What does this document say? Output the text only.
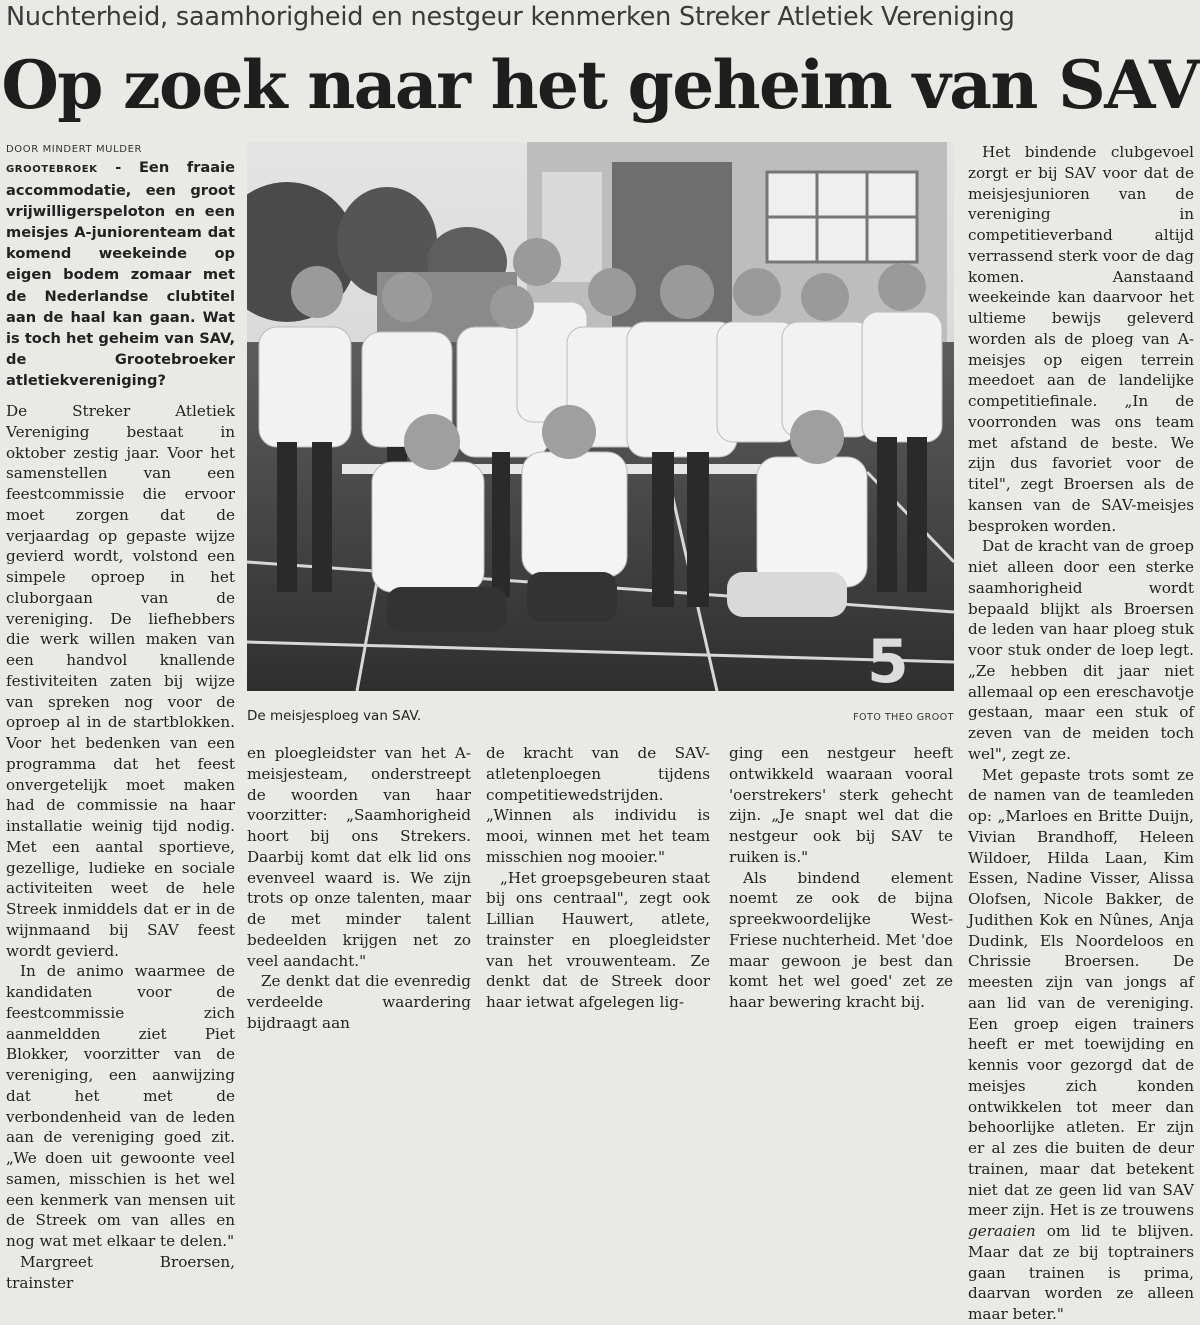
Nuchterheid, saamhorigheid en nestgeur kenmerken Streker Atletiek Vereniging
Op zoek naar het geheim van SAV
DOOR MINDERT MULDER

GROOTEBROEK - Een fraaie accommodatie, een groot vrijwilligerspeloton en een meisjes A-juniorenteam dat komend weekeinde op eigen bodem zomaar met de Nederlandse clubtitel aan de haal kan gaan. Wat is toch het geheim van SAV, de Grootebroeker atletiekvereniging?

De Streker Atletiek Vereniging bestaat in oktober zestig jaar. Voor het samenstellen van een feestcommissie die ervoor moet zorgen dat de verjaardag op gepaste wijze gevierd wordt, volstond een simpele oproep in het cluborgaan van de vereniging. De liefhebbers die werk willen maken van een handvol knallende festiviteiten zaten bij wijze van spreken nog voor de oproep al in de startblokken. Voor het bedenken van een programma dat het feest onvergetelijk moet maken had de commissie na haar installatie weinig tijd nodig. Met een aantal sportieve, gezellige, ludieke en sociale activiteiten weet de hele Streek inmiddels dat er in de wijnmaand bij SAV feest wordt gevierd.

In de animo waarmee de kandidaten voor de feestcommissie zich aanmeldden ziet Piet Blokker, voorzitter van de vereniging, een aanwijzing dat het met de verbondenheid van de leden aan de vereniging goed zit. „We doen uit gewoonte veel samen, misschien is het wel een kenmerk van mensen uit de Streek om van alles en nog wat met elkaar te delen."

Margreet Broersen, trainster

5
De meisjesploeg van SAV.	FOTO THEO GROOT

en ploegleidster van het A-meisjesteam, onderstreept de woorden van haar voorzitter: „Saamhorigheid hoort bij ons Strekers. Daarbij komt dat elk lid ons evenveel waard is. We zijn trots op onze talenten, maar de met minder talent bedeelden krijgen net zo veel aandacht."

Ze denkt dat die evenredig verdeelde waardering bijdraagt aan

de kracht van de SAV-atletenploegen tijdens competitiewedstrijden. „Winnen als individu is mooi, winnen met het team misschien nog mooier."

„Het groepsgebeuren staat bij ons centraal", zegt ook Lillian Hauwert, atlete, trainster en ploegleidster van het vrouwenteam. Ze denkt dat de Streek door haar ietwat afgelegen lig-

ging een nestgeur heeft ontwikkeld waaraan vooral 'oerstrekers' sterk gehecht zijn. „Je snapt wel dat die nestgeur ook bij SAV te ruiken is."

Als bindend element noemt ze ook de bijna spreekwoordelijke West-Friese nuchterheid. Met 'doe maar gewoon je best dan komt het wel goed' zet ze haar bewering kracht bij.

Het bindende clubgevoel zorgt er bij SAV voor dat de meisjesjunioren van de vereniging in competitieverband altijd verrassend sterk voor de dag komen. Aanstaand weekeinde kan daarvoor het ultieme bewijs geleverd worden als de ploeg van A-meisjes op eigen terrein meedoet aan de landelijke competitiefinale. „In de voorronden was ons team met afstand de beste. We zijn dus favoriet voor de titel", zegt Broersen als de kansen van de SAV-meisjes besproken worden.

Dat de kracht van de groep niet alleen door een sterke saamhorigheid wordt bepaald blijkt als Broersen de leden van haar ploeg stuk voor stuk onder de loep legt. „Ze hebben dit jaar niet allemaal op een ereschavotje gestaan, maar een stuk of zeven van de meiden toch wel", zegt ze.

Met gepaste trots somt ze de namen van de teamleden op: „Marloes en Britte Duijn, Vivian Brandhoff, Heleen Wildoer, Hilda Laan, Kim Essen, Nadine Visser, Alissa Olofsen, Nicole Bakker, de Judithen Kok en Nûnes, Anja Dudink, Els Noordeloos en Chrissie Broersen. De meesten zijn van jongs af aan lid van de vereniging. Een groep eigen trainers heeft er met toewijding en kennis voor gezorgd dat de meisjes zich konden ontwikkelen tot meer dan behoorlijke atleten. Er zijn er al zes die buiten de deur trainen, maar dat betekent niet dat ze geen lid van SAV meer zijn. Het is ze trouwens geraaien om lid te blijven. Maar dat ze bij toptrainers gaan trainen is prima, daarvan worden ze alleen maar beter."
